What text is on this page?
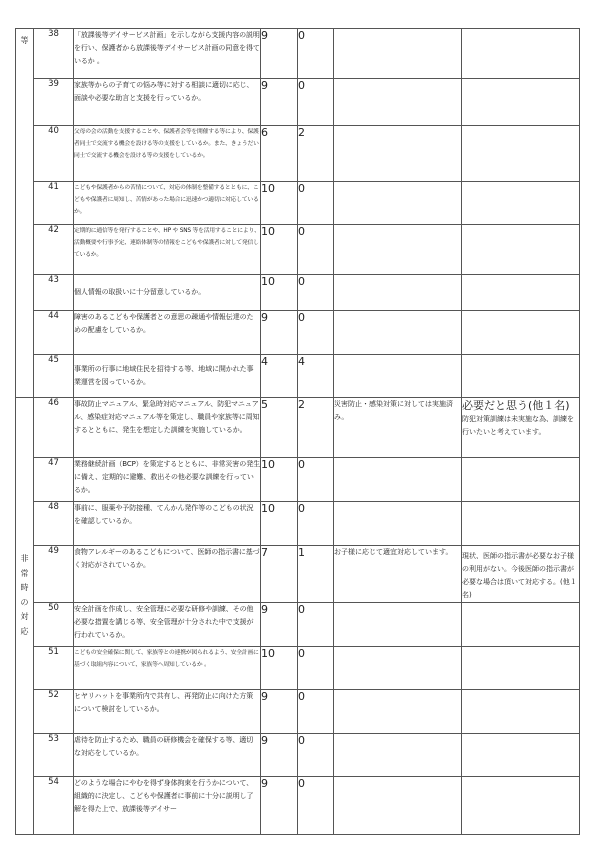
等	38	「放課後等デイサービス計画」を示しながら支援内容の説明を行い、保護者から放課後等デイサービス計画の同意を得ているか 。	9	0		

	39	家族等からの子育ての悩み等に対する相談に適切に応じ、面談や必要な助言と支援を行っているか。	9	0		

	40	父母の会の活動を支援することや、保護者会等を開催する等により、保護者同士で交流する機会を設ける等の支援をしているか。また、きょうだい同士で交流する機会を設ける等の支援をしているか。	6	2		

	41	こどもや保護者からの苦情について、対応の体制を整備するとともに、こどもや保護者に周知し、苦情があった場合に迅速かつ適切に対応しているか。	10	0		

	42	定期的に通信等を発行することや、HP や SNS 等を活用することにより、活動概要や行事予定、連絡体制等の情報をこどもや保護者に対して発信しているか。	10	0		

	43	個人情報の取扱いに十分留意しているか。	10	0		

	44	障害のあるこどもや保護者との意思の疎通や情報伝達のための配慮をしているか。	9	0		

	45	事業所の行事に地域住民を招待する等、地域に開かれた事業運営を図っているか。	4	4		

非常時の対応	46	事故防止マニュアル、緊急時対応マニュアル、防犯マニュアル、感染症対応マニュアル等を策定し、職員や家族等に周知するとともに、発生を想定した訓練を実施しているか。	5	2	災害防止・感染対策に対しては実施済み。	必要だと思う(他１名)
防犯対策訓練は未実施な為、訓練を行いたいと考えています。

	47	業務継続計画（BCP）を策定するとともに、非常災害の発生に備え、定期的に避難、救出その他必要な訓練を行っているか。	10	0		

	48	事前に、服薬や予防接種、てんかん発作等のこどもの状況を確認しているか。	10	0		

	49	食物アレルギーのあるこどもについて、医師の指示書に基づく対応がされているか。	7	1	お子様に応じて適宜対応しています。	現状、医師の指示書が必要なお子様の利用がない。今後医師の指示書が必要な場合は頂いて対応する。(他１名)

	50	安全計画を作成し、安全管理に必要な研修や訓練、その他必要な措置を講じる等、安全管理が十分された中で支援が行われているか。	9	0		

	51	こどもの安全確保に関して、家族等との連携が図られるよう、安全計画に基づく取組内容について、家族等へ周知しているか 。	10	0		

	52	ヒヤリハットを事業所内で共有し、再発防止に向けた方策について検討をしているか。	9	0		

	53	虐待を防止するため、職員の研修機会を確保する等、適切な対応をしているか。	9	0		

	54	どのような場合にやむを得ず身体拘束を行うかについて、組織的に決定し、こどもや保護者に事前に十分に説明し了解を得た上で、放課後等デイサー	9	0		
